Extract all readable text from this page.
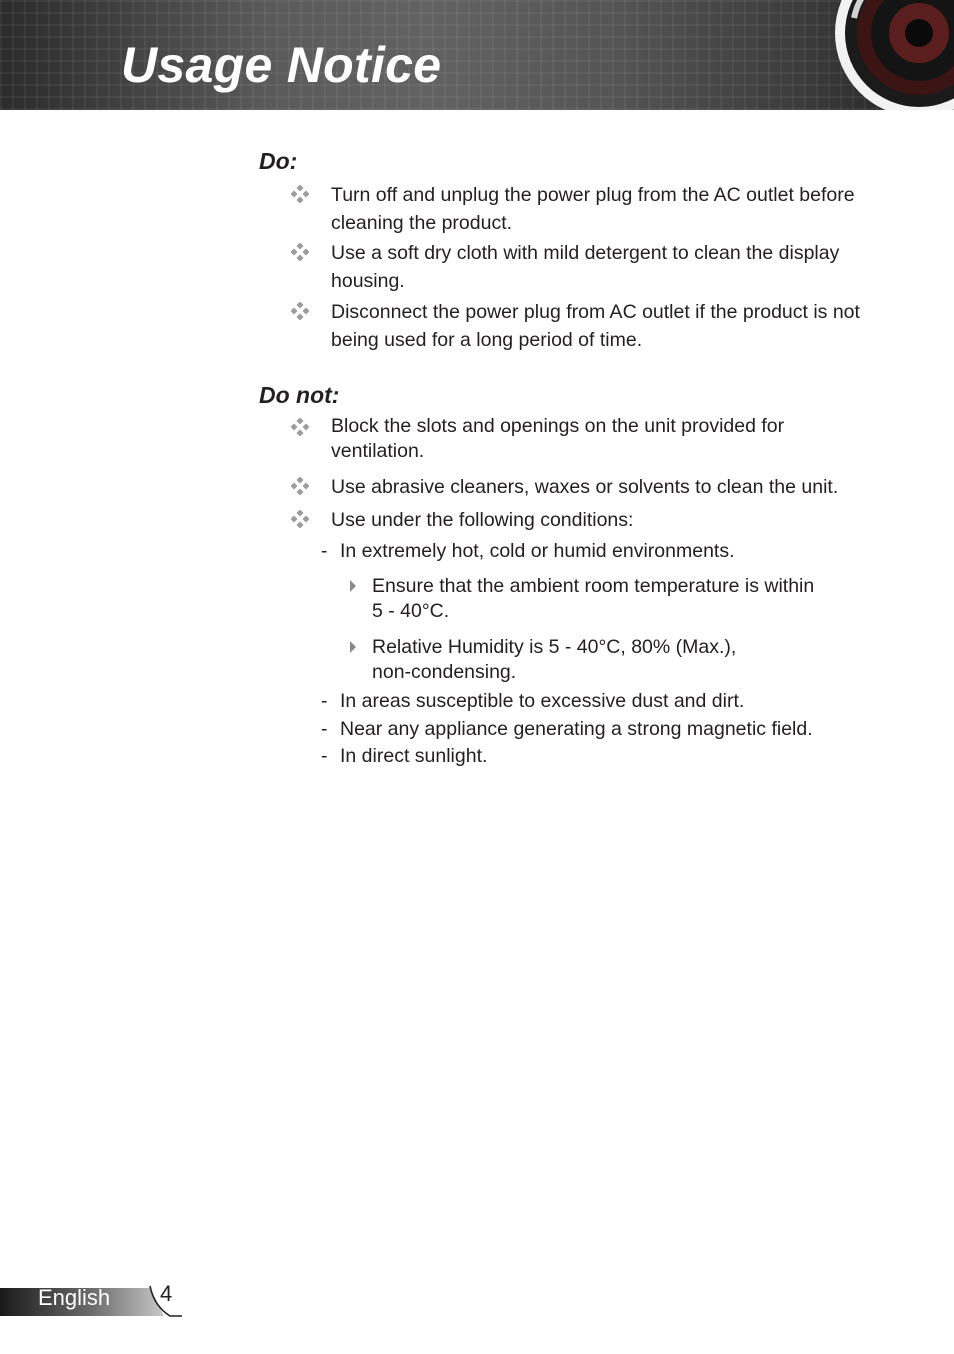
Usage Notice
Do:

Turn off and unplug the power plug from the AC outlet before cleaning the product.

Use a soft dry cloth with mild detergent to clean the display housing.

Disconnect the power plug from AC outlet if the product is not being used for a long period of time.

Do not:

Block the slots and openings on the unit provided for ventilation.

Use abrasive cleaners, waxes or solvents to clean the unit.

Use under the following conditions:

- In extremely hot, cold or humid environments.

Ensure that the ambient room temperature is within
5 - 40°C.

Relative Humidity is 5 - 40°C, 80% (Max.),
non-condensing.

- In areas susceptible to excessive dust and dirt.

- Near any appliance generating a strong magnetic field.

- In direct sunlight.

English 4
